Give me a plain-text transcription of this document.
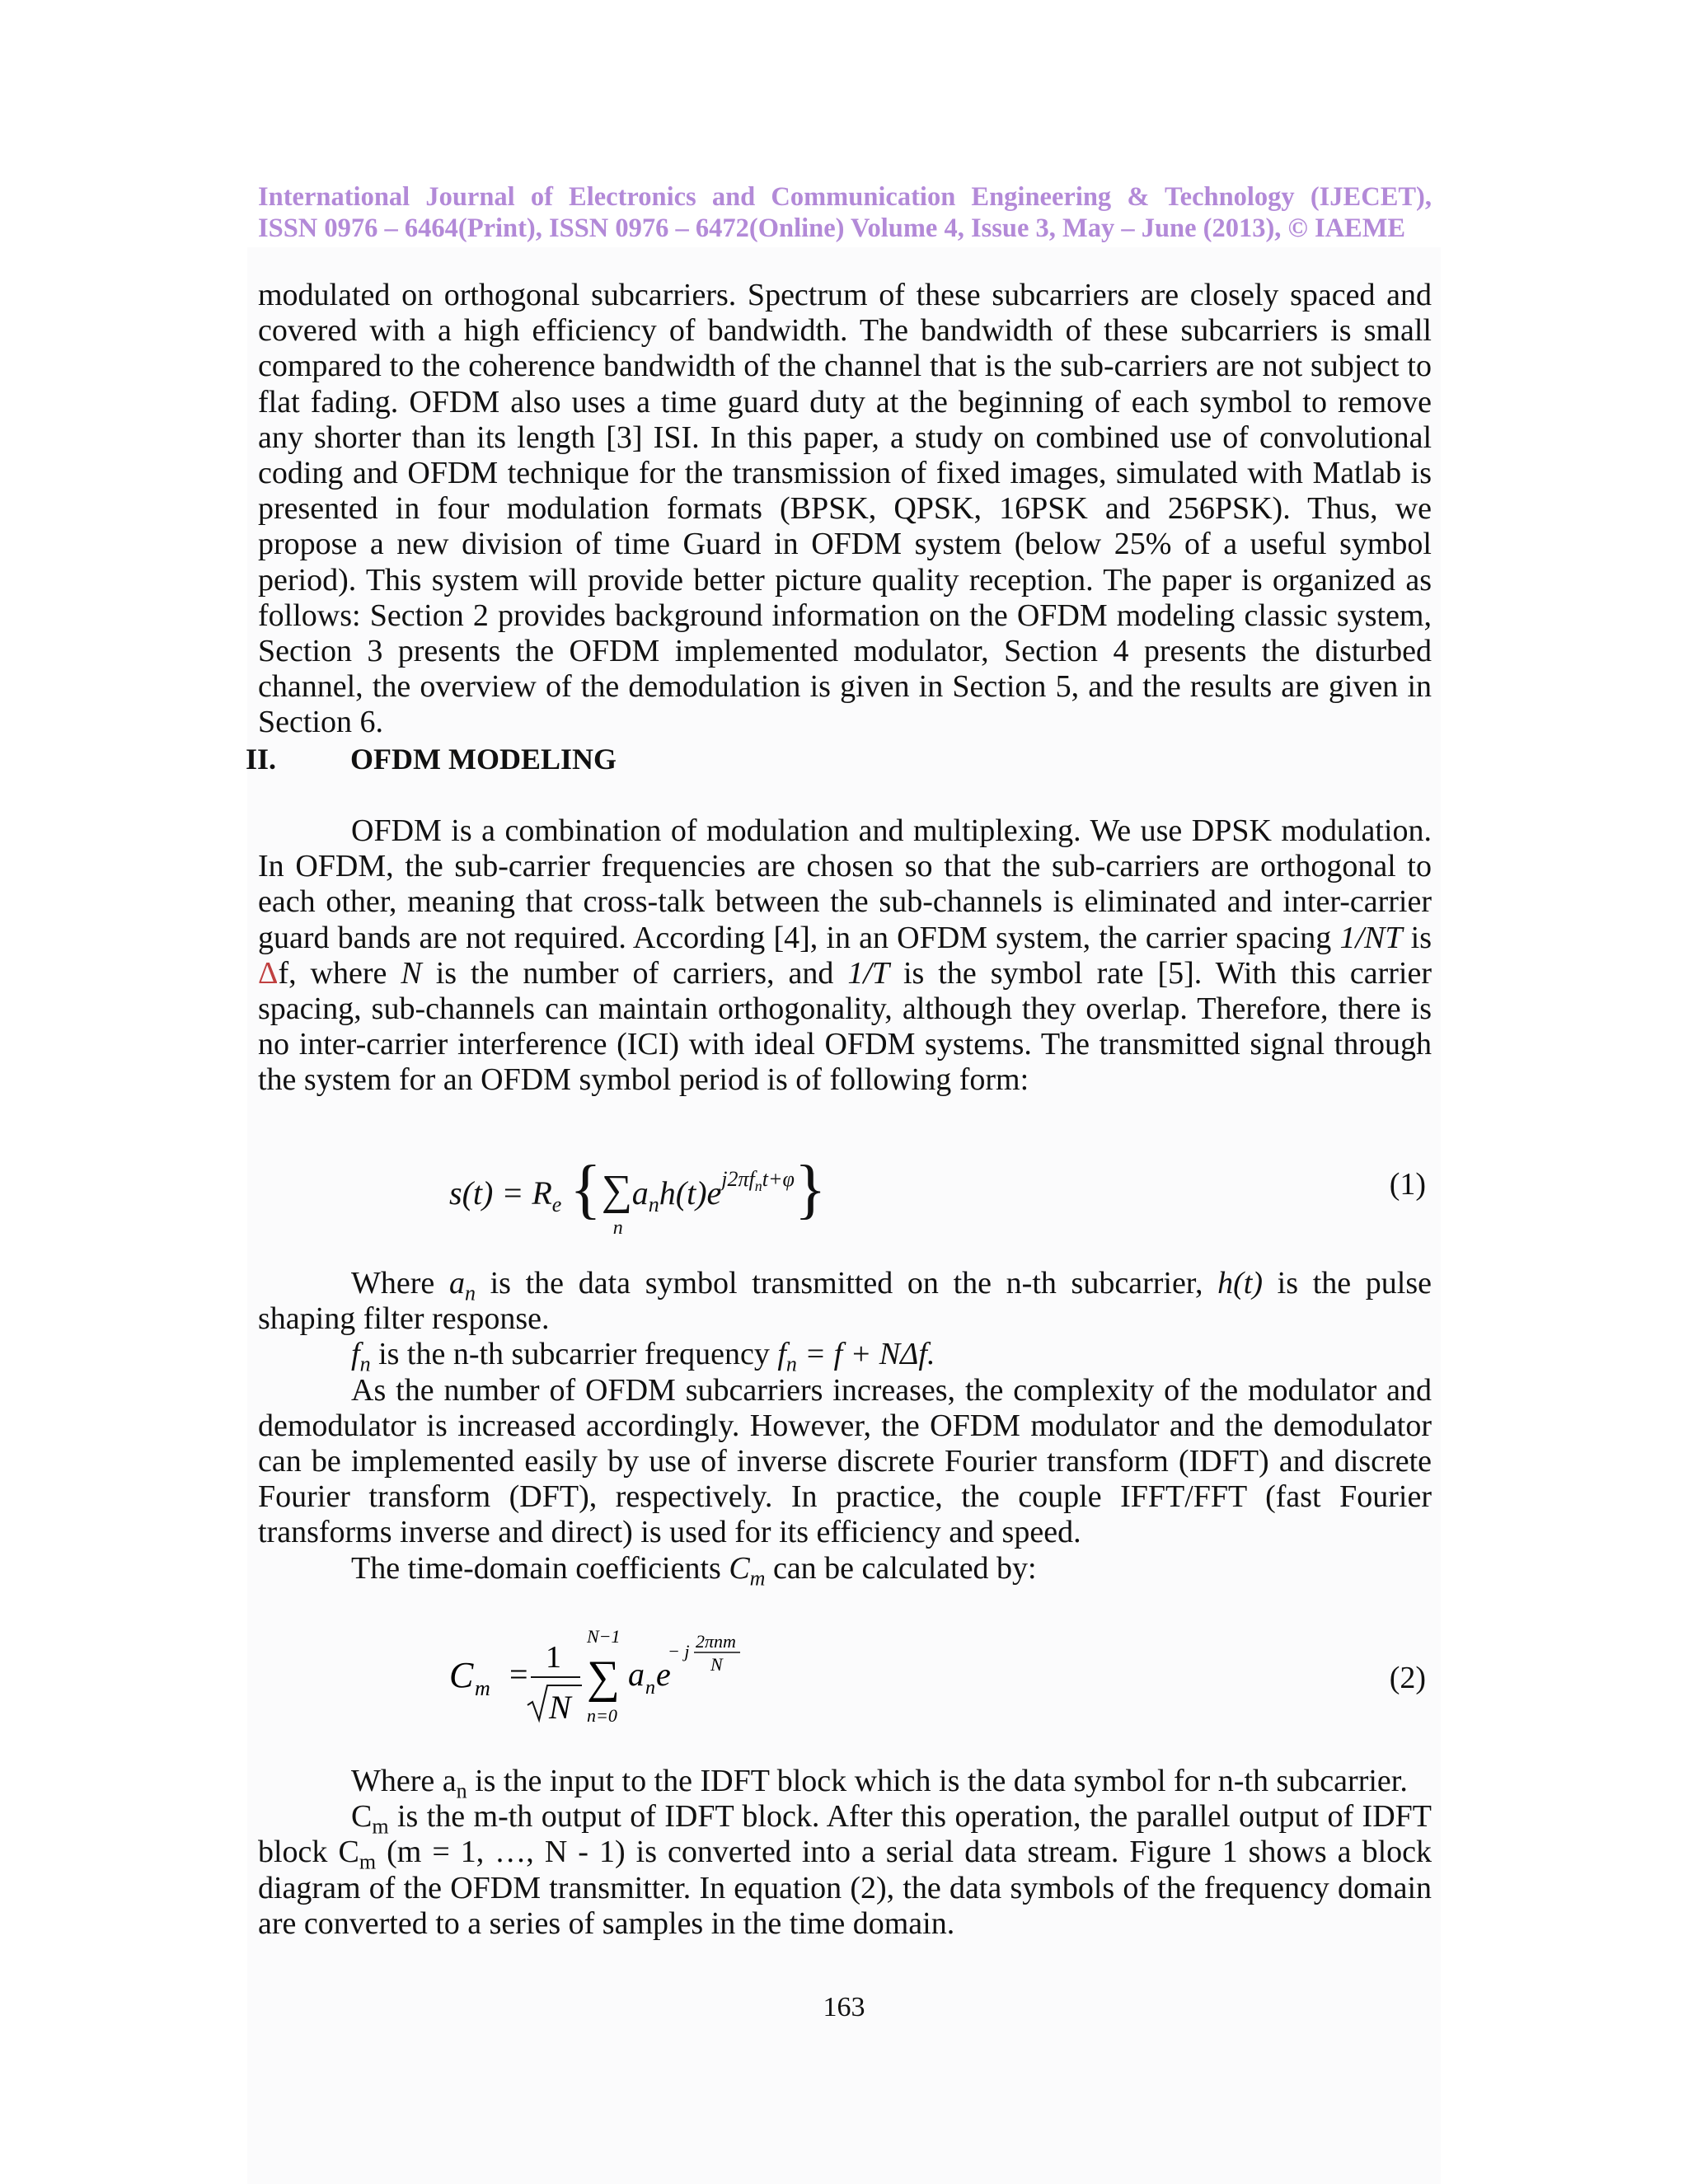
International Journal of Electronics and Communication Engineering & Technology (IJECET),
ISSN 0976 – 6464(Print), ISSN 0976 – 6472(Online) Volume 4, Issue 3, May – June (2013), © IAEME
modulated on orthogonal subcarriers. Spectrum of these subcarriers are closely spaced and covered with a high efficiency of bandwidth. The bandwidth of these subcarriers is small compared to the coherence bandwidth of the channel that is the sub-carriers are not subject to flat fading. OFDM also uses a time guard duty at the beginning of each symbol to remove any shorter than its length [3] ISI. In this paper, a study on combined use of convolutional coding and OFDM technique for the transmission of fixed images, simulated with Matlab is presented in four modulation formats (BPSK, QPSK, 16PSK and 256PSK). Thus, we propose a new division of time Guard in OFDM system (below 25% of a useful symbol period). This system will provide better picture quality reception. The paper is organized as follows: Section 2 provides background information on the OFDM modeling classic system, Section 3 presents the OFDM implemented modulator, Section 4 presents the disturbed channel, the overview of the demodulation is given in Section 5, and the results are given in Section 6.
II. OFDM MODELING
OFDM is a combination of modulation and multiplexing. We use DPSK modulation. In OFDM, the sub-carrier frequencies are chosen so that the sub-carriers are orthogonal to each other, meaning that cross-talk between the sub-channels is eliminated and inter-carrier guard bands are not required. According [4], in an OFDM system, the carrier spacing 1/NT is Δf, where N is the number of carriers, and 1/T is the symbol rate [5]. With this carrier spacing, sub-channels can maintain orthogonality, although they overlap. Therefore, there is no inter-carrier interference (ICI) with ideal OFDM systems. The transmitted signal through the system for an OFDM symbol period is of following form:
$s(t) = R_e$ {∑
n
$a_nh(t)e^{j2\pi f_nt+\varphi}$}	(1)
Where $a_n$ is the data symbol transmitted on the n-th subcarrier, h(t) is the pulse shaping filter response.
$f_n$ is the n-th subcarrier frequency $f_n = f + N\Delta f$.
As the number of OFDM subcarriers increases, the complexity of the modulator and demodulator is increased accordingly. However, the OFDM modulator and the demodulator can be implemented easily by use of inverse discrete Fourier transform (IDFT) and discrete Fourier transform (DFT), respectively. In practice, the couple IFFT/FFT (fast Fourier transforms inverse and direct) is used for its efficiency and speed.
The time-domain coefficients $C_m$ can be calculated by:
C m = 1
N
N−1
∑
n=0
a n e
− j 2πnm
N	(2)
Where $a_n$ is the input to the IDFT block which is the data symbol for n-th subcarrier.
$C_m$ is the m-th output of IDFT block. After this operation, the parallel output of IDFT block $C_m$ (m = 1, …, N - 1) is converted into a serial data stream. Figure 1 shows a block diagram of the OFDM transmitter. In equation (2), the data symbols of the frequency domain are converted to a series of samples in the time domain.
163
